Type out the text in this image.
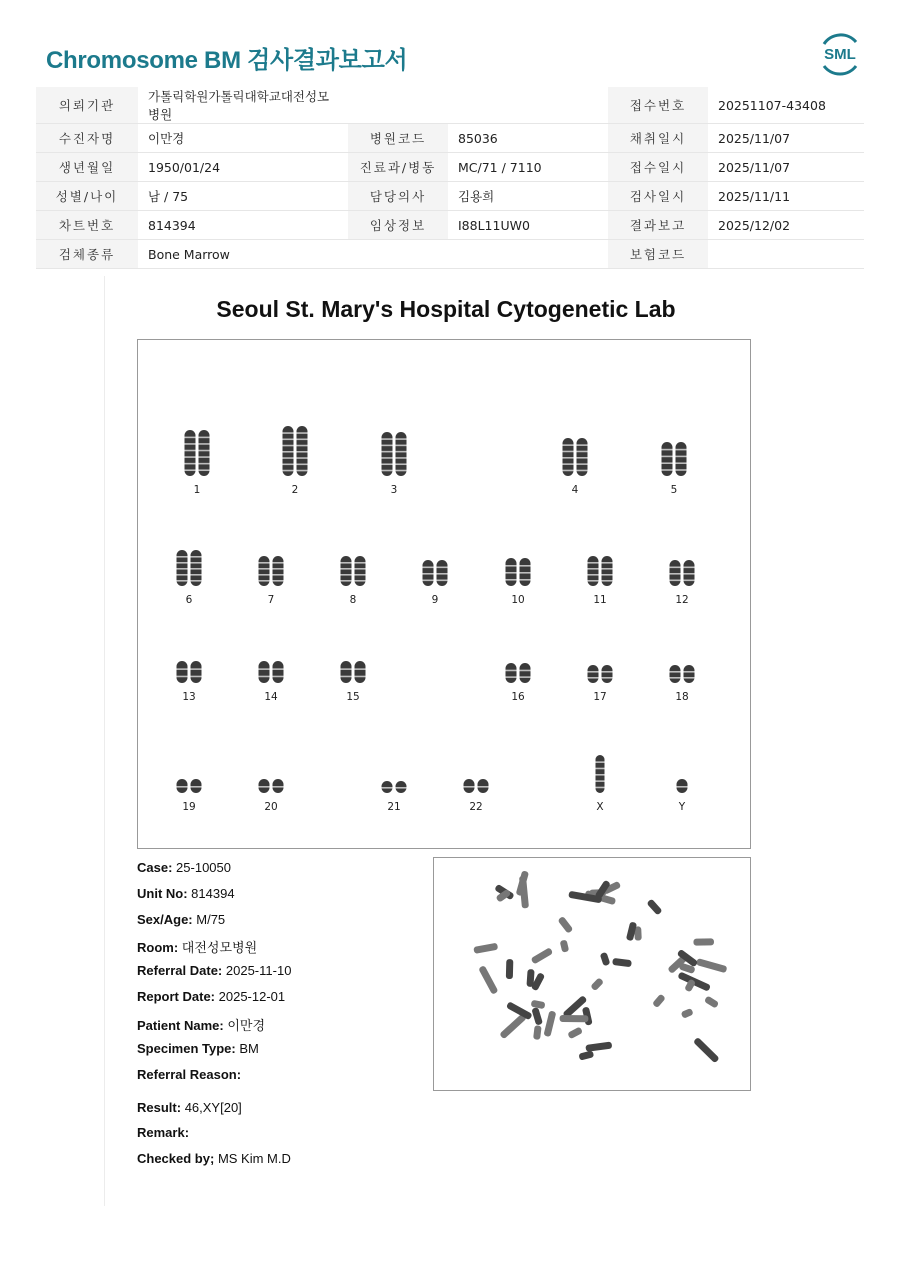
Chromosome BM 검사결과보고서	SML
의뢰기관	가톨릭학원가톨릭대학교대전성모병원			접수번호	20251107-43408
수진자명	이만경	병원코드	85036	채취일시	2025/11/07
생년월일	1950/01/24	진료과/병동	MC/71 / 7110	접수일시	2025/11/07
성별/나이	남 / 75	담당의사	김용희	검사일시	2025/11/11
차트번호	814394	임상정보	I88L11UW0	결과보고	2025/12/02
검체종류	Bone Marrow			보험코드	
Seoul St. Mary's Hospital Cytogenetic Lab
1	2	3	4	5
6	7	8	9	10	11	12
13	14	15	16	17	18
19	20	21	22	X	Y
Case: 25-10050
Unit No: 814394
Sex/Age: M/75
Room: 대전성모병원
Referral Date: 2025-11-10
Report Date: 2025-12-01
Patient Name: 이만경
Specimen Type: BM
Referral Reason:
Result: 46,XY[20]
Remark:
Checked by; MS Kim M.D
